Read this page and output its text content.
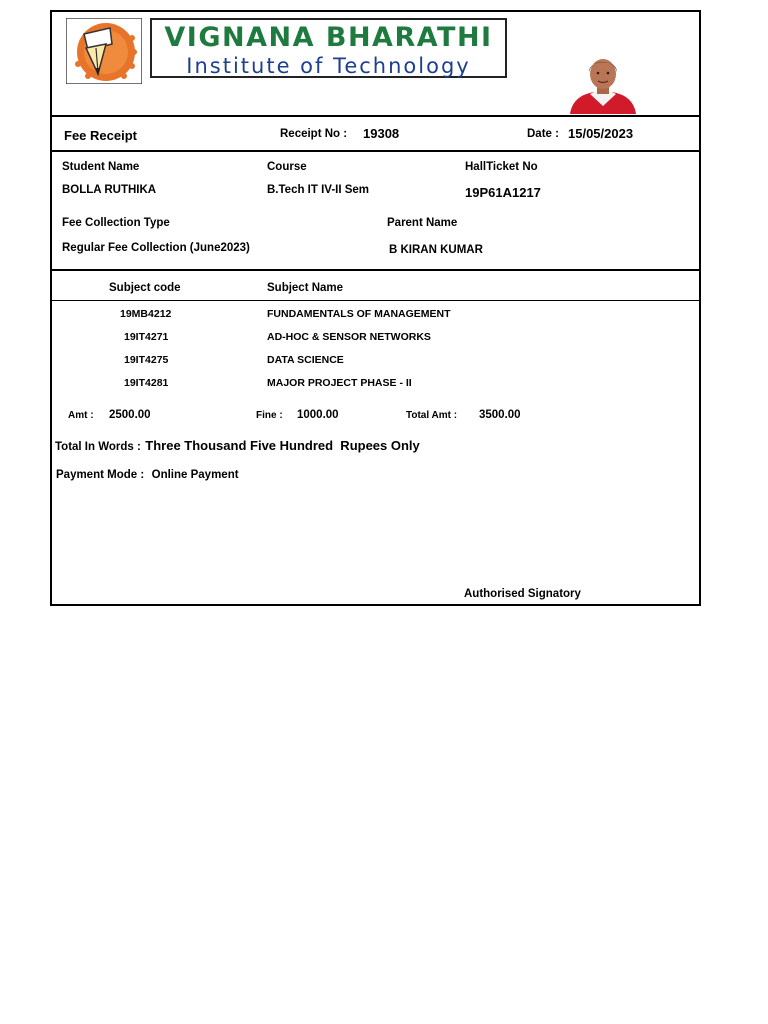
VIGNANA BHARATHI
Institute of Technology
Fee Receipt	Receipt No : 19308	Date : 15/05/2023
Student Name	Course	HallTicket No
BOLLA RUTHIKA	B.Tech IT IV-II Sem	19P61A1217
Fee Collection Type	Parent Name
Regular Fee Collection (June2023)	B KIRAN KUMAR
Subject code	Subject Name
19MB4212	FUNDAMENTALS OF MANAGEMENT
19IT4271	AD-HOC & SENSOR NETWORKS
19IT4275	DATA SCIENCE
19IT4281	MAJOR PROJECT PHASE - II
Amt : 2500.00	Fine : 1000.00	Total Amt : 3500.00
Total In Words : Three Thousand Five Hundred  Rupees Only
Payment Mode : Online Payment
Authorised Signatory
